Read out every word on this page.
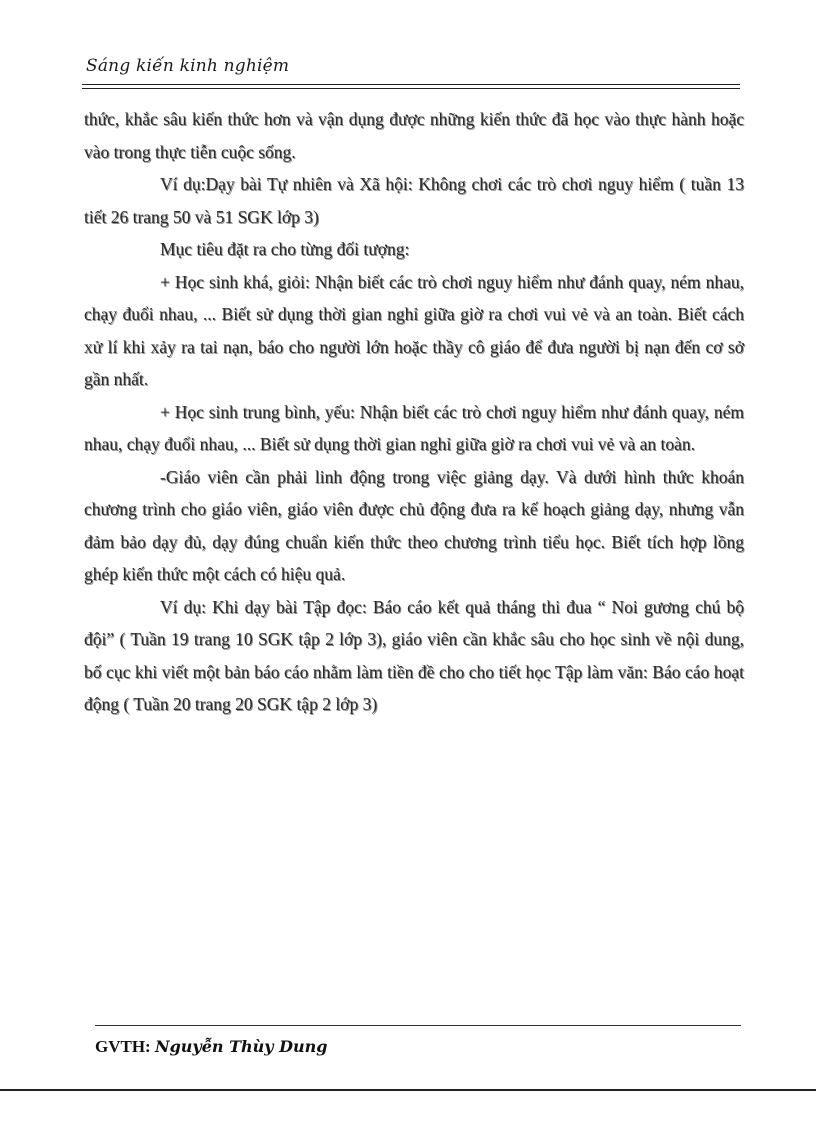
Sáng kiến kinh nghiệm

thức, khắc sâu kiến thức hơn và vận dụng được những kiến thức đã học vào thực hành hoặc vào trong thực tiễn cuộc sống.

Ví dụ:Dạy bài Tự nhiên và Xã hội: Không chơi các trò chơi nguy hiểm ( tuần 13 tiết 26 trang 50 và 51 SGK lớp 3)

Mục tiêu đặt ra cho từng đối tượng:

+ Học sinh khá, giỏi: Nhận biết các trò chơi nguy hiểm như đánh quay, ném nhau, chạy đuổi nhau, ... Biết sử dụng thời gian nghỉ giữa giờ ra chơi vui vẻ và an toàn. Biết cách xử lí khi xảy ra tai nạn, báo cho người lớn hoặc thầy cô giáo để đưa người bị nạn đến cơ sở gần nhất.

+ Học sinh trung bình, yếu: Nhận biết các trò chơi nguy hiểm như đánh quay, ném nhau, chạy đuổi nhau, ... Biết sử dụng thời gian nghỉ giữa giờ ra chơi vui vẻ và an toàn.

-Giáo viên cần phải linh động trong việc giảng dạy. Và dưới hình thức khoán chương trình cho giáo viên, giáo viên được chủ động đưa ra kế hoạch giảng dạy, nhưng vẫn đảm bảo dạy đủ, dạy đúng chuẩn kiến thức theo chương trình tiểu học. Biết tích hợp lồng ghép kiến thức một cách có hiệu quả.

Ví dụ: Khi dạy bài Tập đọc: Báo cáo kết quả tháng thi đua “ Noi gương chú bộ đội” ( Tuần 19 trang 10 SGK tập 2 lớp 3), giáo viên cần khắc sâu cho học sinh về nội dung, bố cục khi viết một bản báo cáo nhằm làm tiền đề cho cho tiết học Tập làm văn: Báo cáo hoạt động ( Tuần 20 trang 20 SGK tập 2 lớp 3)

GVTH: Nguyễn Thùy Dung
